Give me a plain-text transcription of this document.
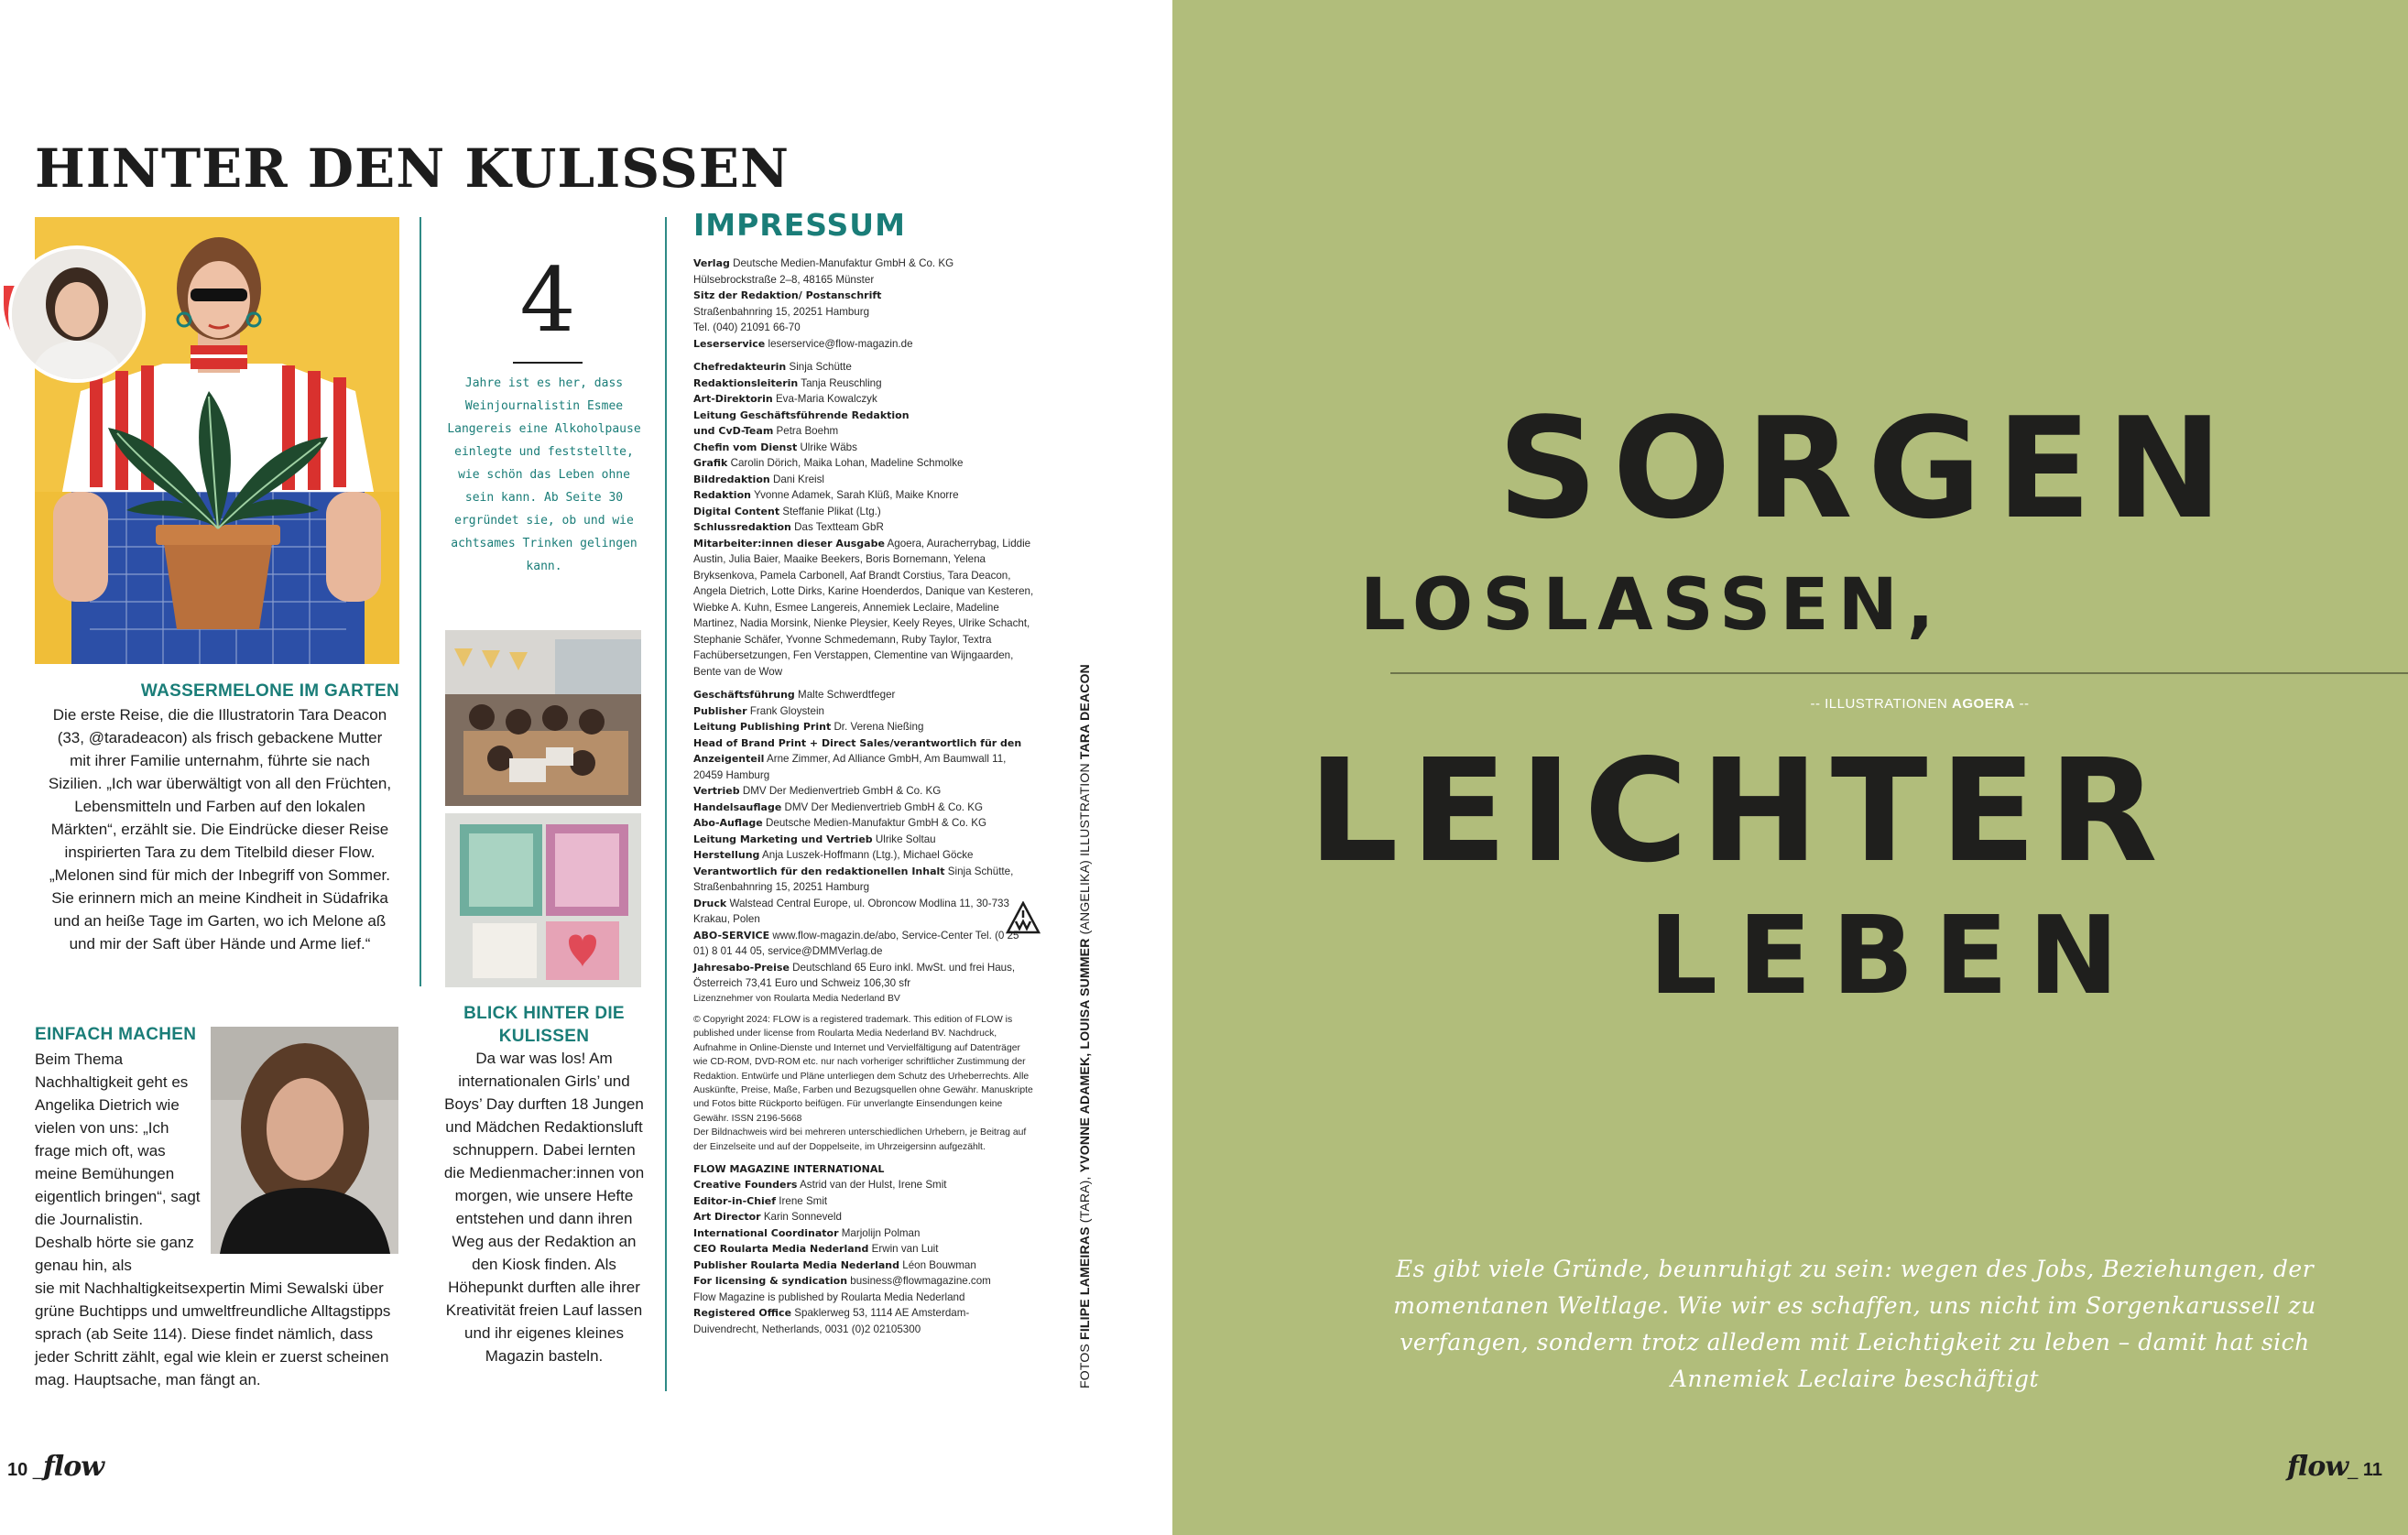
HINTER DEN KULISSEN
WASSERMELONE IM GARTEN

Die erste Reise, die die Illustratorin Tara Deacon (33, @taradeacon) als frisch gebackene Mutter mit ihrer Familie unternahm, führte sie nach Sizilien. „Ich war überwältigt von all den Früchten, Lebensmitteln und Farben auf den lokalen Märkten“, erzählt sie. Die Eindrücke dieser Reise inspirierten Tara zu dem Titelbild dieser Flow. „Melonen sind für mich der Inbegriff von Sommer. Sie erinnern mich an meine Kindheit in Südafrika und an heiße Tage im Garten, wo ich Melone aß und mir der Saft über Hände und Arme lief.“

EINFACH MACHEN

Beim Thema Nachhaltigkeit geht es Angelika Dietrich wie vielen von uns: „Ich frage mich oft, was meine Bemühungen eigentlich bringen“, sagt die Journalistin. Deshalb hörte sie ganz genau hin, als

sie mit Nachhaltigkeitsexpertin Mimi Sewalski über grüne Buchtipps und umweltfreundliche Alltagstipps sprach (ab Seite 114). Diese findet nämlich, dass jeder Schritt zählt, egal wie klein er zuerst scheinen mag. Hauptsache, man fängt an.

4

Jahre ist es her, dass Weinjournalistin Esmee Langereis eine Alkoholpause einlegte und feststellte, wie schön das Leben ohne sein kann. Ab Seite 30 ergründet sie, ob und wie achtsames Trinken gelingen kann.

BLICK HINTER DIE KULISSEN

Da war was los! Am internationalen Girls’ und Boys’ Day durften 18 Jungen und Mädchen Redaktionsluft schnuppern. Dabei lernten die Medienmacher:innen von morgen, wie unsere Hefte entstehen und dann ihren Weg aus der Redaktion an den Kiosk finden. Als Höhepunkt durften alle ihrer Kreativität freien Lauf lassen und ihr eigenes kleines Magazin basteln.

IMPRESSUM

Verlag Deutsche Medien-Manufaktur GmbH & Co. KG

Hülsebrockstraße 2–8, 48165 Münster

Sitz der Redaktion/ Postanschrift

Straßenbahnring 15, 20251 Hamburg

Tel. (040) 21091 66-70

Leserservice leserservice@flow-magazin.de

Chefredakteurin Sinja Schütte

Redaktionsleiterin Tanja Reuschling

Art-Direktorin Eva-Maria Kowalczyk

Leitung Geschäftsführende Redaktion

und CvD-Team Petra Boehm

Chefin vom Dienst Ulrike Wäbs

Grafik Carolin Dörich, Maika Lohan, Madeline Schmolke

Bildredaktion Dani Kreisl

Redaktion Yvonne Adamek, Sarah Klüß, Maike Knorre

Digital Content Steffanie Plikat (Ltg.)

Schlussredaktion Das Textteam GbR

Mitarbeiter:innen dieser Ausgabe Agoera, Auracherrybag, Liddie Austin, Julia Baier, Maaike Beekers, Boris Bornemann, Yelena Bryksenkova, Pamela Carbonell, Aaf Brandt Corstius, Tara Deacon, Angela Dietrich, Lotte Dirks, Karine Hoenderdos, Danique van Kesteren, Wiebke A. Kuhn, Esmee Langereis, Annemiek Leclaire, Madeline Martinez, Nadia Morsink, Nienke Pleysier, Keely Reyes, Ulrike Schacht, Stephanie Schäfer, Yvonne Schmedemann, Ruby Taylor, Textra Fachübersetzungen, Fen Verstappen, Clementine van Wijngaarden, Bente van de Wow

Geschäftsführung Malte Schwerdtfeger

Publisher Frank Gloystein

Leitung Publishing Print Dr. Verena Nießing

Head of Brand Print + Direct Sales/verantwortlich für den Anzeigenteil Arne Zimmer, Ad Alliance GmbH, Am Baumwall 11, 20459 Hamburg

Vertrieb DMV Der Medienvertrieb GmbH & Co. KG

Handelsauflage DMV Der Medienvertrieb GmbH & Co. KG

Abo-Auflage Deutsche Medien-Manufaktur GmbH & Co. KG

Leitung Marketing und Vertrieb Ulrike Soltau

Herstellung Anja Luszek-Hoffmann (Ltg.), Michael Göcke

Verantwortlich für den redaktionellen Inhalt Sinja Schütte, Straßenbahnring 15, 20251 Hamburg

Druck Walstead Central Europe, ul. Obroncow Modlina 11, 30-733 Krakau, Polen

ABO-SERVICE www.flow-magazin.de/abo, Service-Center Tel. (0 25 01) 8 01 44 05, service@DMMVerlag.de

Jahresabo-Preise Deutschland 65 Euro inkl. MwSt. und frei Haus, Österreich 73,41 Euro und Schweiz 106,30 sfr

Lizenznehmer von Roularta Media Nederland BV

© Copyright 2024: FLOW is a registered trademark. This edition of FLOW is published under license from Roularta Media Nederland BV. Nachdruck, Aufnahme in Online-Dienste und Internet und Vervielfältigung auf Datenträger wie CD-ROM, DVD-ROM etc. nur nach vorheriger schriftlicher Zustimmung der Redaktion. Entwürfe und Pläne unterliegen dem Schutz des Urheberrechts. Alle Auskünfte, Preise, Maße, Farben und Bezugsquellen ohne Gewähr. Manuskripte und Fotos bitte Rückporto beifügen. Für unverlangte Einsendungen keine Gewähr. ISSN 2196-5668

Der Bildnachweis wird bei mehreren unterschiedlichen Urhebern, je Beitrag auf der Einzelseite und auf der Doppelseite, im Uhrzeigersinn aufgezählt.

FLOW MAGAZINE INTERNATIONAL

Creative Founders Astrid van der Hulst, Irene Smit

Editor-in-Chief Irene Smit

Art Director Karin Sonneveld

International Coordinator Marjolijn Polman

CEO Roularta Media Nederland Erwin van Luit

Publisher Roularta Media Nederland Léon Bouwman

For licensing & syndication business@flowmagazine.com

Flow Magazine is published by Roularta Media Nederland

Registered Office Spaklerweg 53, 1114 AE Amsterdam-Duivendrecht, Netherlands, 0031 (0)2 02105300

FOTOS FILIPE LAMEIRAS (TARA), YVONNE ADAMEK, LOUISA SUMMER (ANGELIKA) ILLUSTRATION TARA DEACON
10 _flow
SORGEN
LOSLASSEN,
-- ILLUSTRATIONEN AGOERA --
LEICHTER
LEBEN

Es gibt viele Gründe, beunruhigt zu sein: wegen des Jobs, Beziehungen, der momentanen Weltlage. Wie wir es schaffen, uns nicht im Sorgenkarussell zu verfangen, sondern trotz alledem mit Leichtigkeit zu leben – damit hat sich Annemiek Leclaire beschäftigt

flow_ 11
